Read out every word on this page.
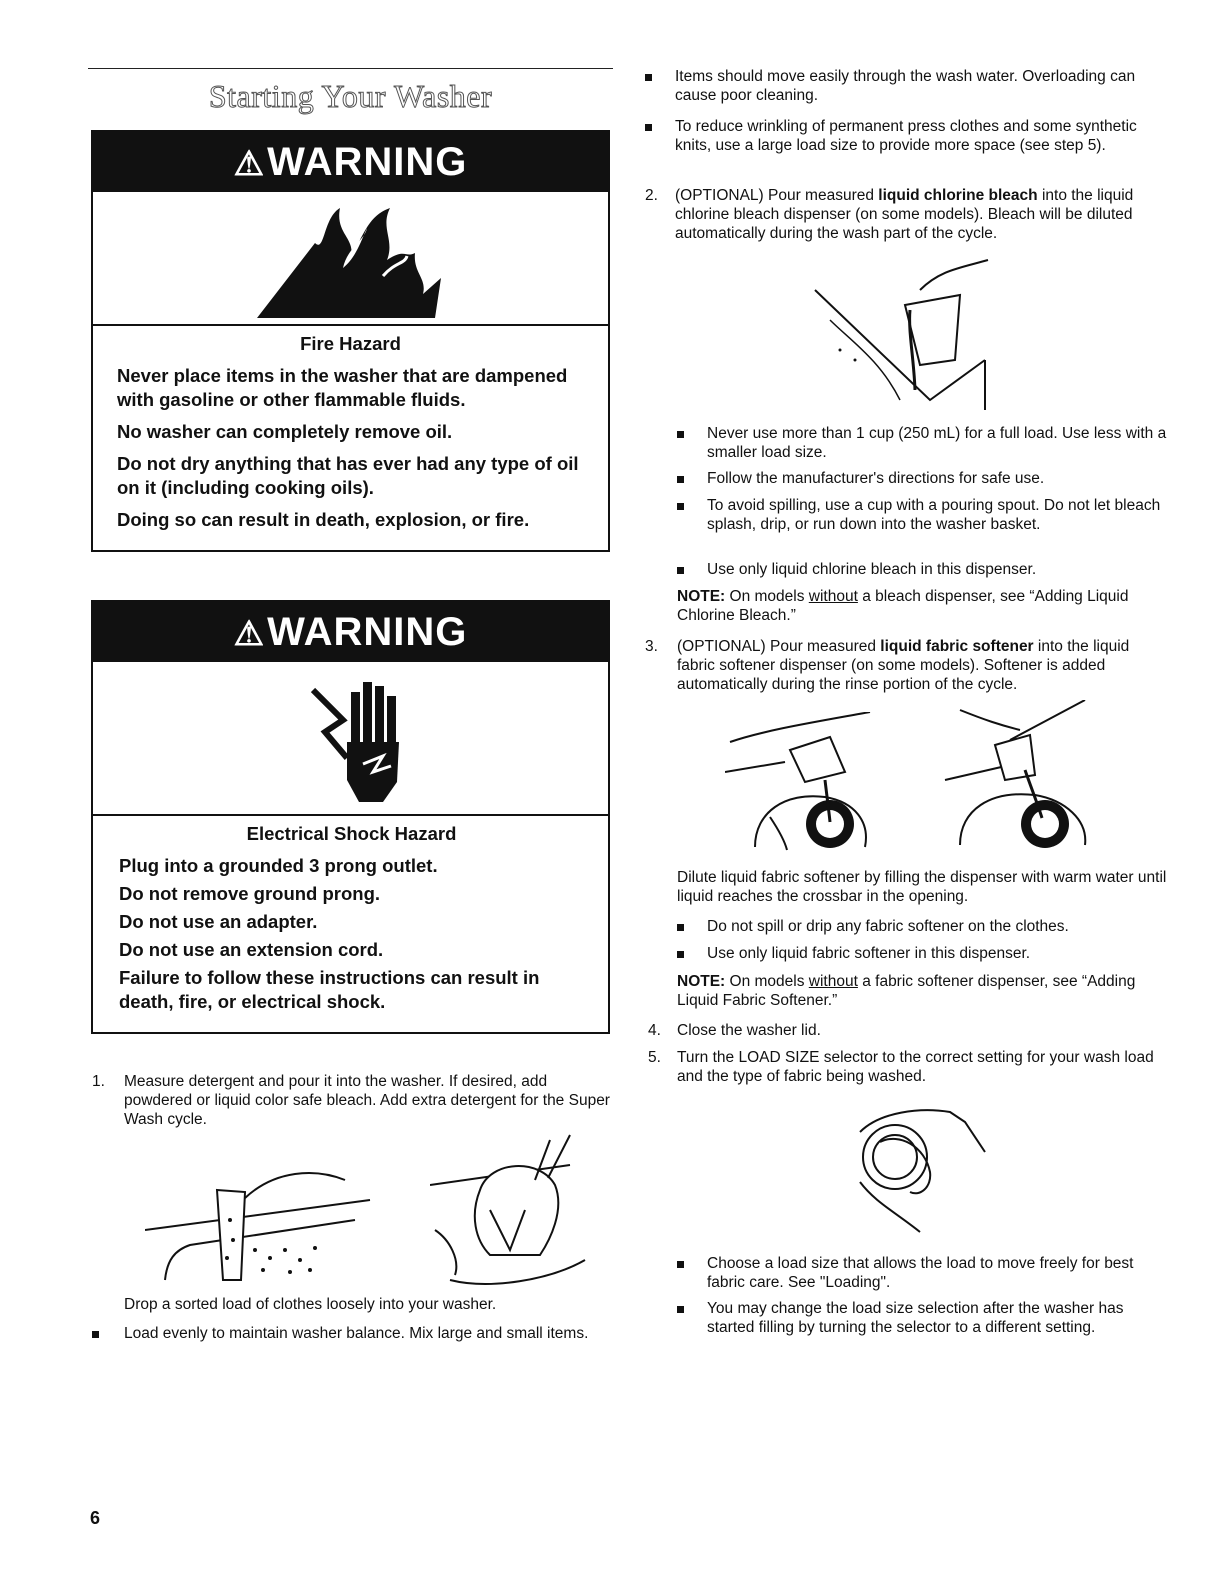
Starting Your Washer
⚠WARNING
Fire Hazard

Never place items in the washer that are dampened with gasoline or other flammable fluids.

No washer can completely remove oil.

Do not dry anything that has ever had any type of oil on it (including cooking oils).

Doing so can result in death, explosion, or fire.

⚠WARNING
Electrical Shock Hazard

Plug into a grounded 3 prong outlet.

Do not remove ground prong.

Do not use an adapter.

Do not use an extension cord.

Failure to follow these instructions can result in death, fire, or electrical shock.

1. Measure detergent and pour it into the washer. If desired, add powdered or liquid color safe bleach. Add extra detergent for the Super Wash cycle.
Drop a sorted load of clothes loosely into your washer.
Load evenly to maintain washer balance. Mix large and small items.
Items should move easily through the wash water. Overloading can cause poor cleaning.
To reduce wrinkling of permanent press clothes and some synthetic knits, use a large load size to provide more space (see step 5).
2. (OPTIONAL) Pour measured liquid chlorine bleach into the liquid chlorine bleach dispenser (on some models). Bleach will be diluted automatically during the wash part of the cycle.
Never use more than 1 cup (250 mL) for a full load. Use less with a smaller load size.
Follow the manufacturer's directions for safe use.
To avoid spilling, use a cup with a pouring spout. Do not let bleach splash, drip, or run down into the washer basket.
Use only liquid chlorine bleach in this dispenser.
NOTE: On models without a bleach dispenser, see “Adding Liquid Chlorine Bleach.”
3. (OPTIONAL) Pour measured liquid fabric softener into the liquid fabric softener dispenser (on some models). Softener is added automatically during the rinse portion of the cycle.
Dilute liquid fabric softener by filling the dispenser with warm water until liquid reaches the crossbar in the opening.
Do not spill or drip any fabric softener on the clothes.
Use only liquid fabric softener in this dispenser.
NOTE: On models without a fabric softener dispenser, see “Adding Liquid Fabric Softener.”
4. Close the washer lid.
5. Turn the LOAD SIZE selector to the correct setting for your wash load and the type of fabric being washed.
Choose a load size that allows the load to move freely for best fabric care. See "Loading".
You may change the load size selection after the washer has started filling by turning the selector to a different setting.
6
